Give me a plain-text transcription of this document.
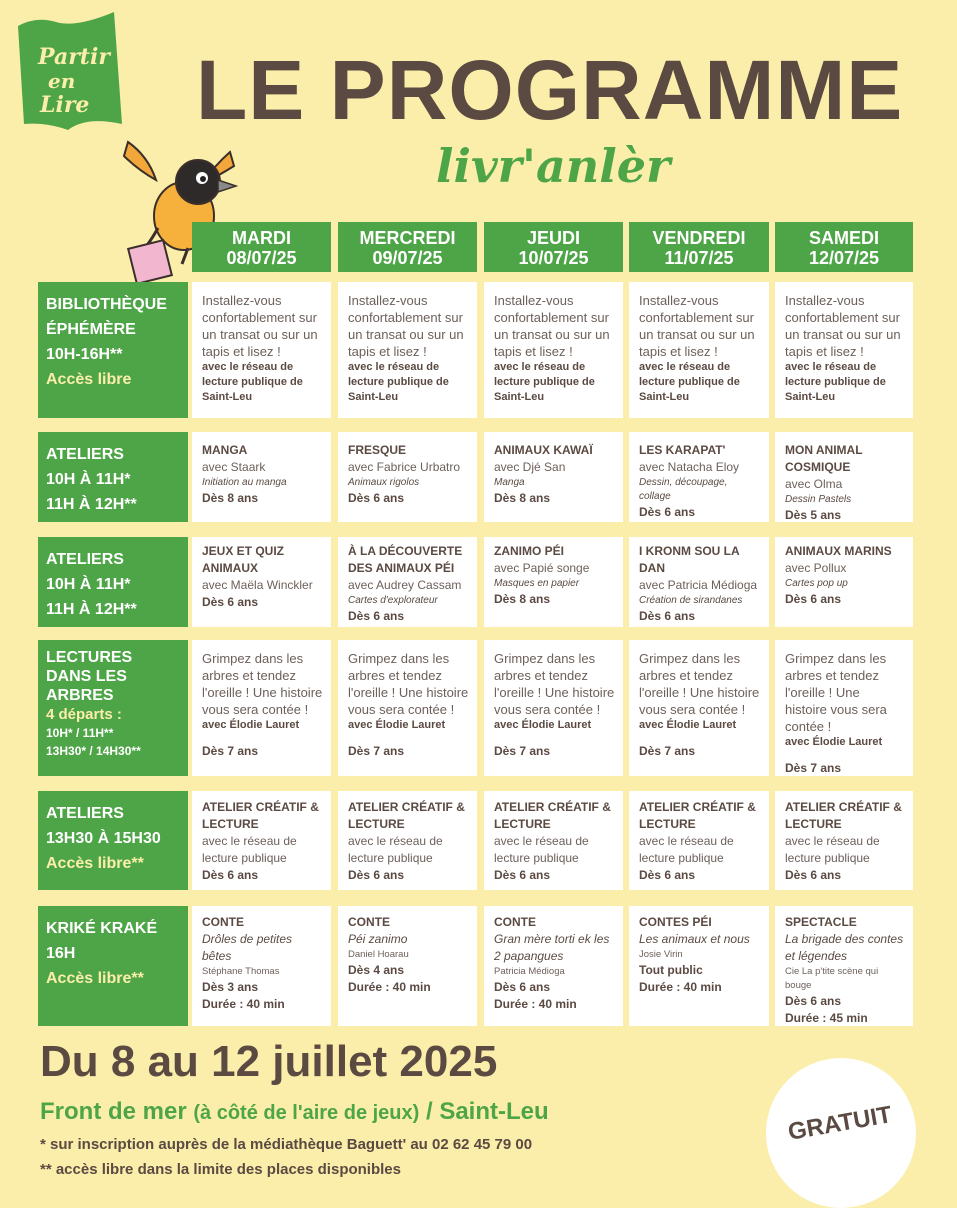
Partir
en
Lire LE PROGRAMME
livr'anlèr
MARDI
08/07/25
MERCREDI
09/07/25
JEUDI
10/07/25
VENDREDI
11/07/25
SAMEDI
12/07/25
BIBLIOTHÈQUE
ÉPHÉMÈRE
10H-16H**
Accès libre
Installez-vous confortablement sur un transat ou sur un tapis et lisez !
avec le réseau de lecture publique de Saint-Leu
Installez-vous confortablement sur un transat ou sur un tapis et lisez !
avec le réseau de lecture publique de Saint-Leu
Installez-vous confortablement sur un transat ou sur un tapis et lisez !
avec le réseau de lecture publique de Saint-Leu
Installez-vous confortablement sur un transat ou sur un tapis et lisez !
avec le réseau de lecture publique de Saint-Leu
Installez-vous confortablement sur un transat ou sur un tapis et lisez !
avec le réseau de lecture publique de Saint-Leu
ATELIERS
10H À 11H*
11H À 12H**
MANGA
avec Staark
Initiation au manga
Dès 8 ans
FRESQUE
avec Fabrice Urbatro
Animaux rigolos
Dès 6 ans
ANIMAUX KAWAÏ
avec Djé San
Manga
Dès 8 ans
LES KARAPAT'
avec Natacha Eloy
Dessin, découpage, collage
Dès 6 ans
MON ANIMAL COSMIQUE
avec Olma
Dessin Pastels
Dès 5 ans
ATELIERS
10H À 11H*
11H À 12H**
JEUX ET QUIZ ANIMAUX
avec Maëla Winckler
Dès 6 ans
À LA DÉCOUVERTE DES ANIMAUX PÉI
avec Audrey Cassam
Cartes d'explorateur
Dès 6 ans
ZANIMO PÉI
avec Papié songe
Masques en papier
Dès 8 ans
I KRONM SOU LA DAN
avec Patricia Médioga
Création de sirandanes
Dès 6 ans
ANIMAUX MARINS
avec Pollux
Cartes pop up
Dès 6 ans
LECTURES
DANS LES
ARBRES
4 départs :
10H* / 11H**
13H30* / 14H30**
Grimpez dans les arbres et tendez l'oreille ! Une histoire vous sera contée !
avec Élodie Lauret
Dès 7 ans
Grimpez dans les arbres et tendez l'oreille ! Une histoire vous sera contée !
avec Élodie Lauret
Dès 7 ans
Grimpez dans les arbres et tendez l'oreille ! Une histoire vous sera contée !
avec Élodie Lauret
Dès 7 ans
Grimpez dans les arbres et tendez l'oreille ! Une histoire vous sera contée !
avec Élodie Lauret
Dès 7 ans
Grimpez dans les arbres et tendez l'oreille ! Une histoire vous sera contée !
avec Élodie Lauret
Dès 7 ans
ATELIERS
13H30 À 15H30
Accès libre**
ATELIER CRÉATIF & LECTURE
avec le réseau de lecture publique
Dès 6 ans
ATELIER CRÉATIF & LECTURE
avec le réseau de lecture publique
Dès 6 ans
ATELIER CRÉATIF & LECTURE
avec le réseau de lecture publique
Dès 6 ans
ATELIER CRÉATIF & LECTURE
avec le réseau de lecture publique
Dès 6 ans
ATELIER CRÉATIF & LECTURE
avec le réseau de lecture publique
Dès 6 ans
KRIKÉ KRAKÉ
16H
Accès libre**
CONTE
Drôles de petites bêtes
Stéphane Thomas
Dès 3 ans
Durée : 40 min
CONTE
Péi zanimo
Daniel Hoarau
Dès 4 ans
Durée : 40 min
CONTE
Gran mère torti ek les 2 papangues
Patricia Médioga
Dès 6 ans
Durée : 40 min
CONTES PÉI
Les animaux et nous
Josie Virin
Tout public
Durée : 40 min
SPECTACLE
La brigade des contes et légendes
Cie La p'tite scène qui bouge
Dès 6 ans
Durée : 45 min
Du 8 au 12 juillet 2025
Front de mer (à côté de l'aire de jeux) / Saint-Leu
* sur inscription auprès de la médiathèque Baguett' au 02 62 45 79 00
** accès libre dans la limite des places disponibles
GRATUIT
